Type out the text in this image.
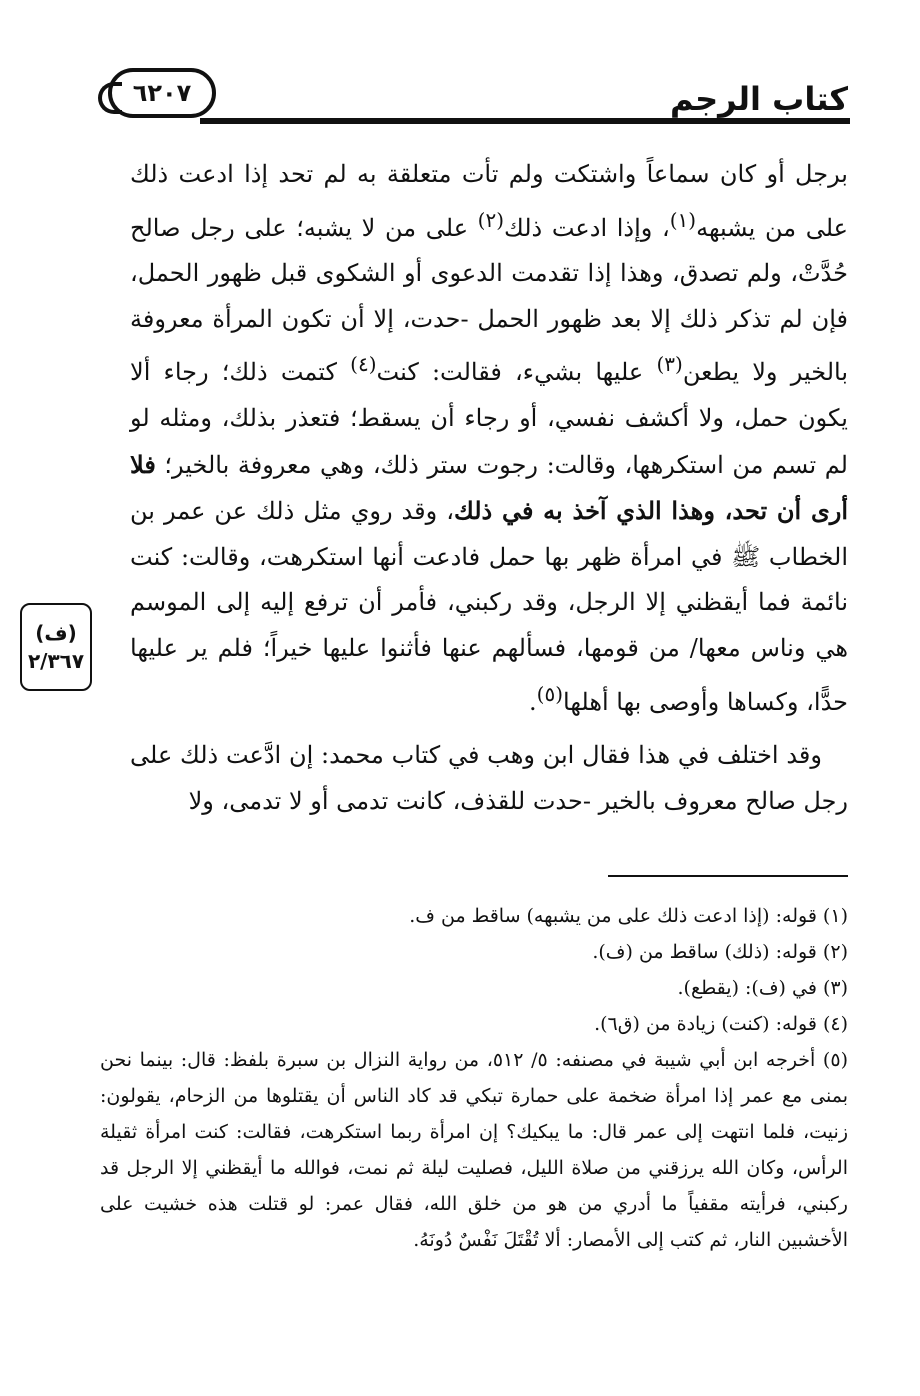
كتاب الرجم
٦٢٠٧
(ف)
٢/٣٦٧

برجل أو كان سماعاً واشتكت ولم تأت متعلقة به لم تحد إذا ادعت ذلك على من يشبهه$^{(١)}$، وإذا ادعت ذلك$^{(٢)}$ على من لا يشبه؛ على رجل صالح حُدَّتْ، ولم تصدق، وهذا إذا تقدمت الدعوى أو الشكوى قبل ظهور الحمل، فإن لم تذكر ذلك إلا بعد ظهور الحمل -حدت، إلا أن تكون المرأة معروفة بالخير ولا يطعن$^{(٣)}$ عليها بشيء، فقالت: كنت$^{(٤)}$ كتمت ذلك؛ رجاء ألا يكون حمل، ولا أكشف نفسي، أو رجاء أن يسقط؛ فتعذر بذلك، ومثله لو لم تسم من استكرهها، وقالت: رجوت ستر ذلك، وهي معروفة بالخير؛ فلا أرى أن تحد، وهذا الذي آخذ به في ذلك، وقد روي مثل ذلك عن عمر بن الخطاب ﷺ في امرأة ظهر بها حمل فادعت أنها استكرهت، وقالت: كنت نائمة فما أيقظني إلا الرجل، وقد ركبني، فأمر أن ترفع إليه إلى الموسم هي وناس معها/ من قومها، فسألهم عنها فأثنوا عليها خيراً؛ فلم ير عليها حدًّا، وكساها وأوصى بها أهلها$^{(٥)}$.

وقد اختلف في هذا فقال ابن وهب في كتاب محمد: إن ادَّعت ذلك على رجل صالح معروف بالخير -حدت للقذف، كانت تدمى أو لا تدمى، ولا

(١) قوله: (إذا ادعت ذلك على من يشبهه) ساقط من ف.

(٢) قوله: (ذلك) ساقط من (ف).

(٣) في (ف): (يقطع).

(٤) قوله: (كنت) زيادة من (ق٦).

(٥) أخرجه ابن أبي شيبة في مصنفه: ٥/ ٥١٢، من رواية النزال بن سبرة بلفظ: قال: بينما نحن بمنى مع عمر إذا امرأة ضخمة على حمارة تبكي قد كاد الناس أن يقتلوها من الزحام، يقولون: زنيت، فلما انتهت إلى عمر قال: ما يبكيك؟ إن امرأة ربما استكرهت، فقالت: كنت امرأة ثقيلة الرأس، وكان الله يرزقني من صلاة الليل، فصليت ليلة ثم نمت، فوالله ما أيقظني إلا الرجل قد ركبني، فرأيته مقفياً ما أدري من هو من خلق الله، فقال عمر: لو قتلت هذه خشيت على الأخشبين النار، ثم كتب إلى الأمصار: ألا تُقْتَلَ نَفْسٌ دُونَهُ.
